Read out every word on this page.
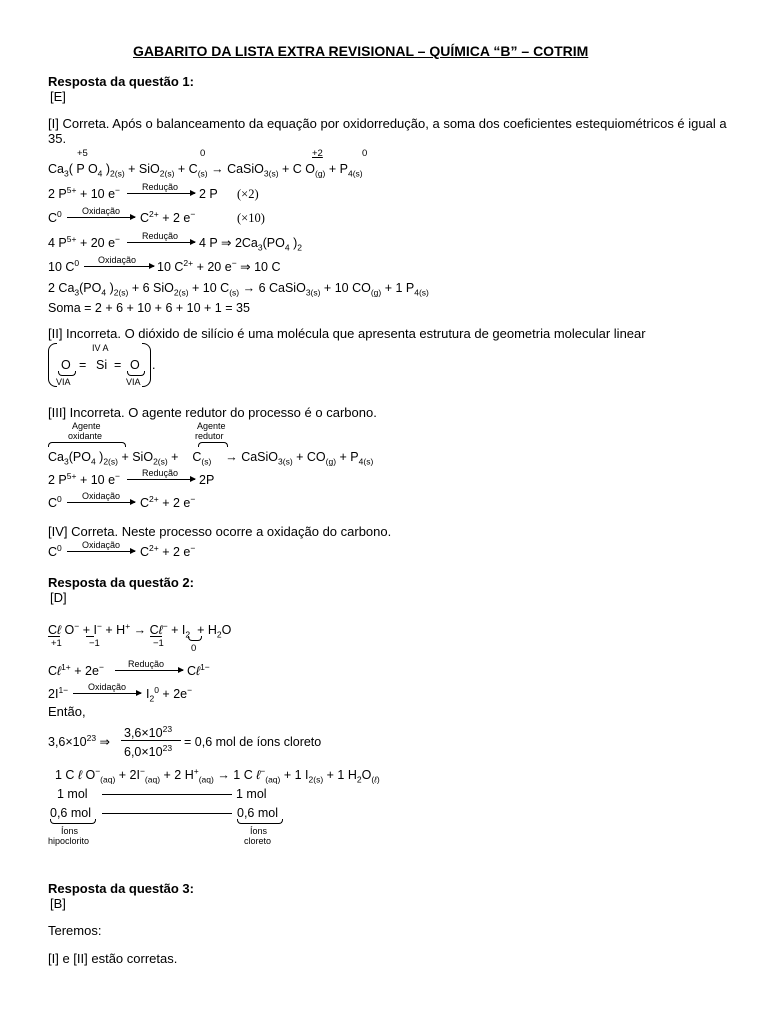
GABARITO DA LISTA EXTRA REVISIONAL – QUÍMICA “B” – COTRIM
Resposta da questão 1:
[E]
[I] Correta. Após o balanceamento da equação por oxidorredução, a soma dos coeficientes estequiométricos é igual a
35.
+5	0	+2	0
$Ca_3$( P $O_4$ )$_{2(s)} + SiO_{2(s)} + C_{(s)}$ → CaSiO$_{3(s)}$ + C $O_{(g)} + P_{4(s)}$
2 $P^{5+} + 10$ e− Redução 2 P (×2)
$C^0$ Oxidação $C^{2+} + 2$ e−	(×10)
4 $P^{5+} + 20$ e− Redução 4 P ⇒ $2Ca_3(PO_4$ )$_2$
10 $C^0$ Oxidação 10 $C^{2+} + 20$ e− ⇒ 10 C
2 $Ca_3(PO_4$ )$_{2(s)} + 6$ SiO$_{2(s)}$ + 10 $C_{(s)} \to 6$ CaSiO$_{3(s)}$ + 10 $CO_{(g)} + 1$ $P_{4(s)}$
Soma = 2 + 6 + 10 + 6 + 10 + 1 = 35
[II] Incorreta. O dióxido de silício é uma molécula que apresenta estrutura de geometria molecular linear
IV A
O = Si = O .
VIA	VIA
[III] Incorreta. O agente redutor do processo é o carbono.
Agente
oxidante
Agente
redutor
$Ca_3(PO_4$ )$_{2(s)} + SiO_{2(s)}$ +    $C_{(s)}$    → CaSiO$_{3(s)}$ + $CO_{(g)} + P_{4(s)}$
2 $P^{5+} + 10$ e− Redução 2P
$C^0$ Oxidação $C^{2+} + 2$ e−
[IV] Correta. Neste processo ocorre a oxidação do carbono.
$C^0$ Oxidação $C^{2+} + 2$ e−
Resposta da questão 2:
[D]
Cℓ O− + I− + H+ → Cℓ− + $I_2 + H_2O$
+1	−1	−1	0
Cℓ$^{1+}$ + 2e−	Redução Cℓ$^{1-}$
$2I^{1-}$ Oxidação $I_2^0 + 2e^-$
Então,
$3,6\times 10^{23}$ ⇒
$3,6\times 10^{23}$
$6,0\times 10^{23} = 0,6$ mol de íons cloreto
1 C ℓ $O^-_{(aq)} + 2I^-_{(aq)} + 2$ $H^+_{(aq)} \to 1$ C ℓ−$_{(aq)}$ + 1 $I_{2(s)} + 1$ $H_2O_{(\ell)}$
1 mol	1 mol
0,6 mol	0,6 mol
Íons
hipoclorito
Íons
cloreto
Resposta da questão 3:
[B]
Teremos:
[I] e [II] estão corretas.
